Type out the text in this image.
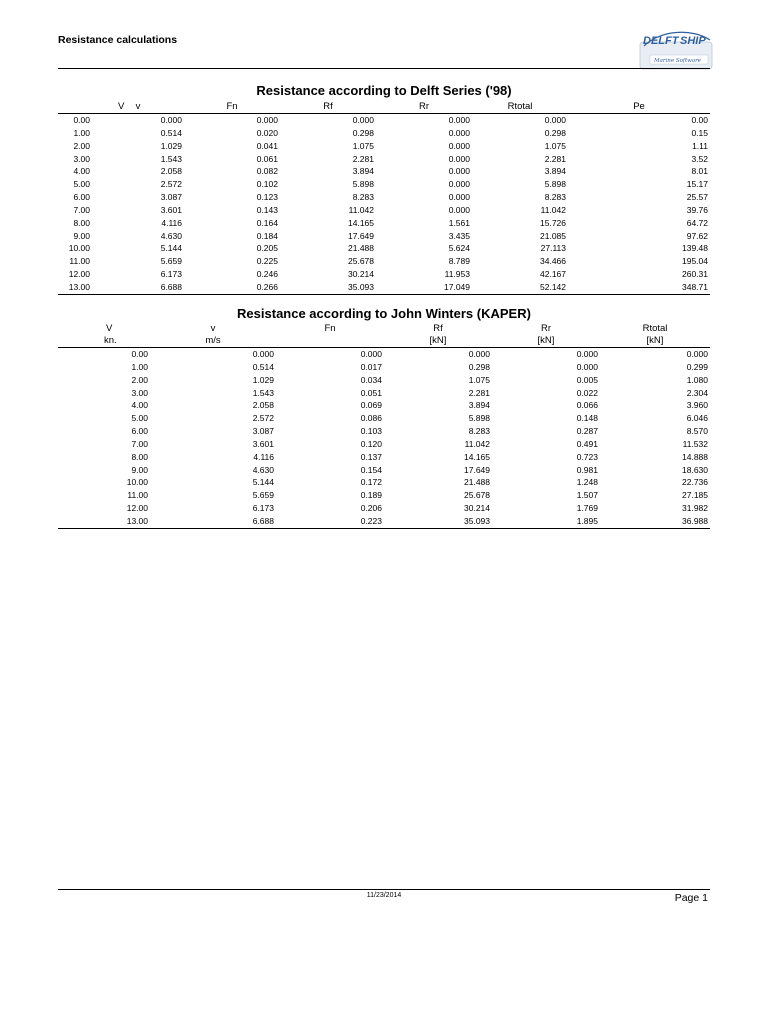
Resistance calculations	DELFT SHIP
Marine Software
Resistance according to Delft Series ('98)
V	v	Fn	Rf	Rr	Rtotal	Pe
0.00	0.000	0.000	0.000	0.000	0.000	0.00
1.00	0.514	0.020	0.298	0.000	0.298	0.15
2.00	1.029	0.041	1.075	0.000	1.075	1.11
3.00	1.543	0.061	2.281	0.000	2.281	3.52
4.00	2.058	0.082	3.894	0.000	3.894	8.01
5.00	2.572	0.102	5.898	0.000	5.898	15.17
6.00	3.087	0.123	8.283	0.000	8.283	25.57
7.00	3.601	0.143	11.042	0.000	11.042	39.76
8.00	4.116	0.164	14.165	1.561	15.726	64.72
9.00	4.630	0.184	17.649	3.435	21.085	97.62
10.00	5.144	0.205	21.488	5.624	27.113	139.48
11.00	5.659	0.225	25.678	8.789	34.466	195.04
12.00	6.173	0.246	30.214	11.953	42.167	260.31
13.00	6.688	0.266	35.093	17.049	52.142	348.71
Resistance according to John Winters (KAPER)
V	v	Fn	Rf	Rr	Rtotal
kn.	m/s		[kN]	[kN]	[kN]
0.00	0.000	0.000	0.000	0.000	0.000
1.00	0.514	0.017	0.298	0.000	0.299
2.00	1.029	0.034	1.075	0.005	1.080
3.00	1.543	0.051	2.281	0.022	2.304
4.00	2.058	0.069	3.894	0.066	3.960
5.00	2.572	0.086	5.898	0.148	6.046
6.00	3.087	0.103	8.283	0.287	8.570
7.00	3.601	0.120	11.042	0.491	11.532
8.00	4.116	0.137	14.165	0.723	14.888
9.00	4.630	0.154	17.649	0.981	18.630
10.00	5.144	0.172	21.488	1.248	22.736
11.00	5.659	0.189	25.678	1.507	27.185
12.00	6.173	0.206	30.214	1.769	31.982
13.00	6.688	0.223	35.093	1.895	36.988
11/23/2014	Page 1
